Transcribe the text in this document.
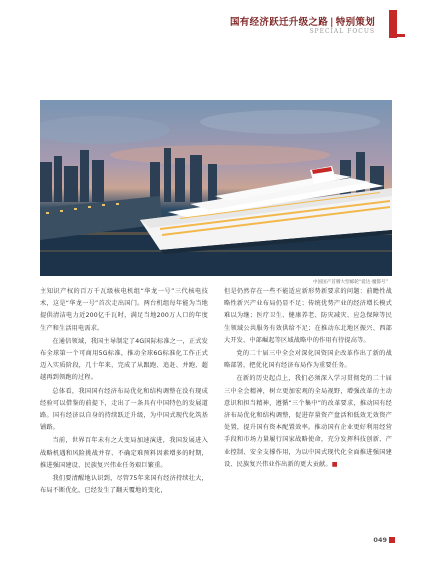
国有经济跃迁升级之路 | 特别策划
SPECIAL FOCUS
中国国产首艘大型邮轮“爱达·魔都号”

主知识产权的百万千瓦级核电机组“华龙一号”三代核电技术，这是“华龙一号”首次走出国门。两台机组每年能为当地提供清洁电力近200亿千瓦时，满足当地200万人口的年度生产和生活用电需求。

在通信领域，我国主导制定了4G国际标准之一，正式发布全球第一个可商用5G标准，推动全球6G标准化工作正式迈入实质阶段，几十年来，完成了从跟跑、追赶、并跑、超越再到领跑的过程。

总体看，我国国有经济布局优化和结构调整在没有现成经验可以借鉴的前提下，走出了一条具有中国特色的发展道路。国有经济以自身的持续跃迁升级，为中国式现代化筑基铺路。

当前，世界百年未有之大变局加速演进，我国发展进入战略机遇和风险挑战并存、不确定难预料因素增多的时期，推进强国建设、民族复兴伟业任务艰巨繁重。

我们要清醒地认识到，尽管75年来国有经济持续壮大，布局不断优化，已经发生了翻天覆地的变化，

但是仍然存在一些不能适应新形势新要求的问题：前瞻性战略性新兴产业布局仍显不足；传统优势产业的经济增长模式难以为继；医疗卫生、健康养老、防灾减灾、应急保障等民生领域公共服务有效供给不足；在推动东北地区振兴、西部大开发、中部崛起等区域战略中的作用有待提高等。

党的二十届三中全会对深化国资国企改革作出了新的战略部署，把优化国有经济布局作为重要任务。

在新的历史起点上，我们必须深入学习贯彻党的二十届三中全会精神，树立更加宏观的全局视野，增强改革的主动意识和担当精神，遵循“三个集中”的改革要求，推动国有经济布局优化和结构调整，促进存量资产盘活和低效无效资产处置，提升国有资本配置效率。推动国有企业更好利用经营手段和市场力量履行国家战略使命，充分发挥科技创新、产业控制、安全支撑作用，为以中国式现代化全面推进强国建设、民族复兴伟业作出新的更大贡献。■

049
